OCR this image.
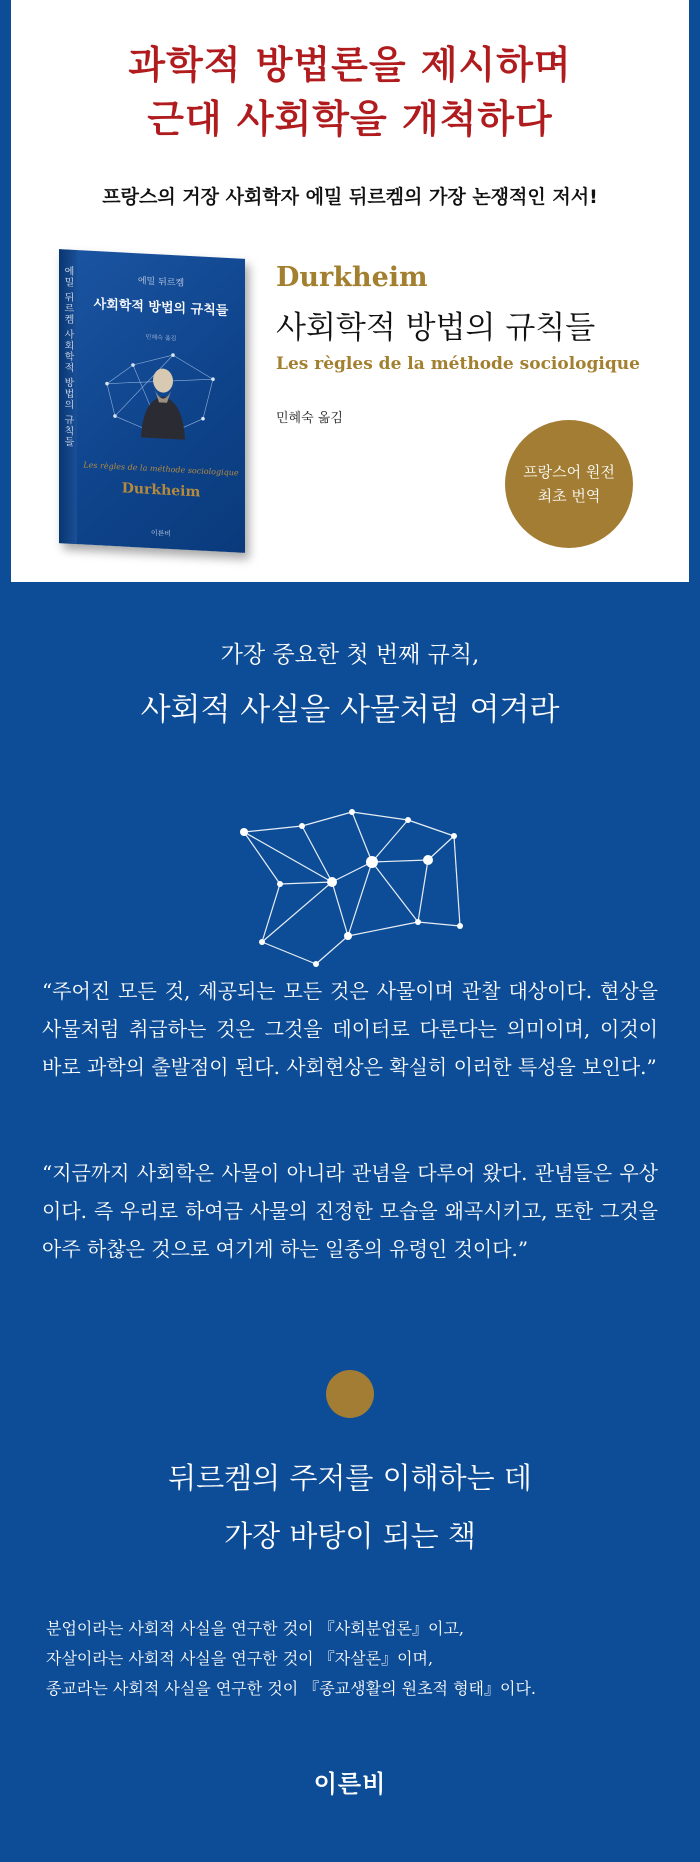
과학적 방법론을 제시하며
근대 사회학을 개척하다
프랑스의 거장 사회학자 에밀 뒤르켐의 가장 논쟁적인 저서!
에밀 뒤르켐 사회학적 방법의 규칙들	에밀 뒤르켐
사회학적 방법의 규칙들
민혜숙 옮김
Les règles de la méthode sociologique
Durkheim
이른비
Durkheim
사회학적 방법의 규칙들
Les règles de la méthode sociologique
민혜숙 옮김
프랑스어 원전
최초 번역
가장 중요한 첫 번째 규칙,
사회적 사실을 사물처럼 여겨라
“주어진 모든 것, 제공되는 모든 것은 사물이며 관찰 대상이다. 현상을 사물처럼 취급하는 것은 그것을 데이터로 다룬다는 의미이며, 이것이 바로 과학의 출발점이 된다. 사회현상은 확실히 이러한 특성을 보인다.”
“지금까지 사회학은 사물이 아니라 관념을 다루어 왔다. 관념들은 우상이다. 즉 우리로 하여금 사물의 진정한 모습을 왜곡시키고, 또한 그것을 아주 하찮은 것으로 여기게 하는 일종의 유령인 것이다.”
뒤르켐의 주저를 이해하는 데
가장 바탕이 되는 책
분업이라는 사회적 사실을 연구한 것이 『사회분업론』이고,
자살이라는 사회적 사실을 연구한 것이 『자살론』이며,
종교라는 사회적 사실을 연구한 것이 『종교생활의 원초적 형태』이다.
이른비
